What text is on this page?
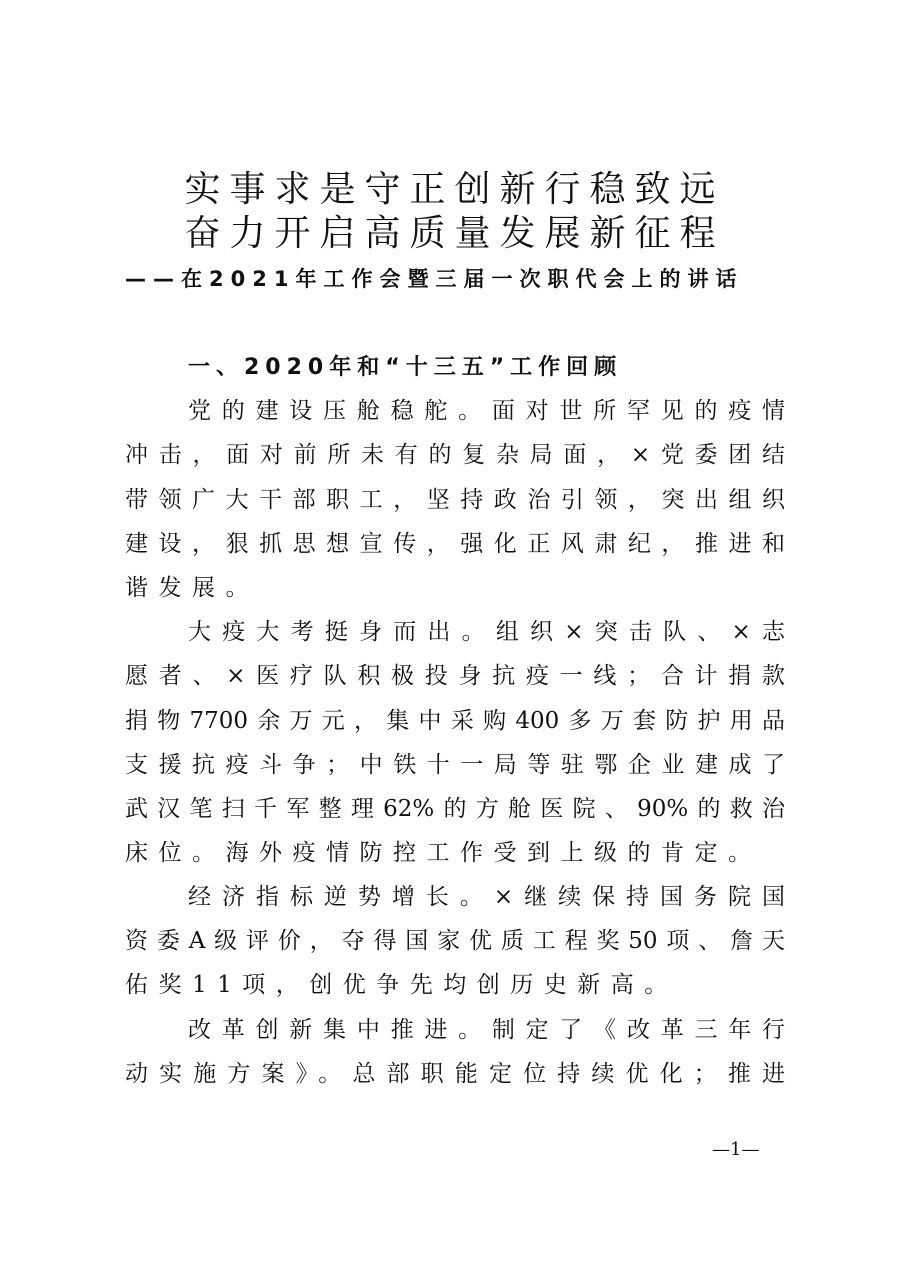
实事求是守正创新行稳致远
奋力开启高质量发展新征程
——在2021年工作会暨三届一次职代会上的讲话
一、2020年和“十三五”工作回顾
党的建设压舱稳舵。面对世所罕见的疫情
冲击，面对前所未有的复杂局面，×党委团结
带领广大干部职工，坚持政治引领，突出组织
建设，狠抓思想宣传，强化正风肃纪，推进和
谐发展。
大疫大考挺身而出。组织×突击队、×志
愿者、×医疗队积极投身抗疫一线；合计捐款
捐物7700余万元，集中采购400多万套防护用品
支援抗疫斗争；中铁十一局等驻鄂企业建成了
武汉笔扫千军整理62%的方舱医院、90%的救治
床位。海外疫情防控工作受到上级的肯定。
经济指标逆势增长。×继续保持国务院国
资委A级评价，夺得国家优质工程奖50项、詹天
佑奖11项，创优争先均创历史新高。
改革创新集中推进。制定了《改革三年行
动实施方案》。总部职能定位持续优化；推进
—1—
